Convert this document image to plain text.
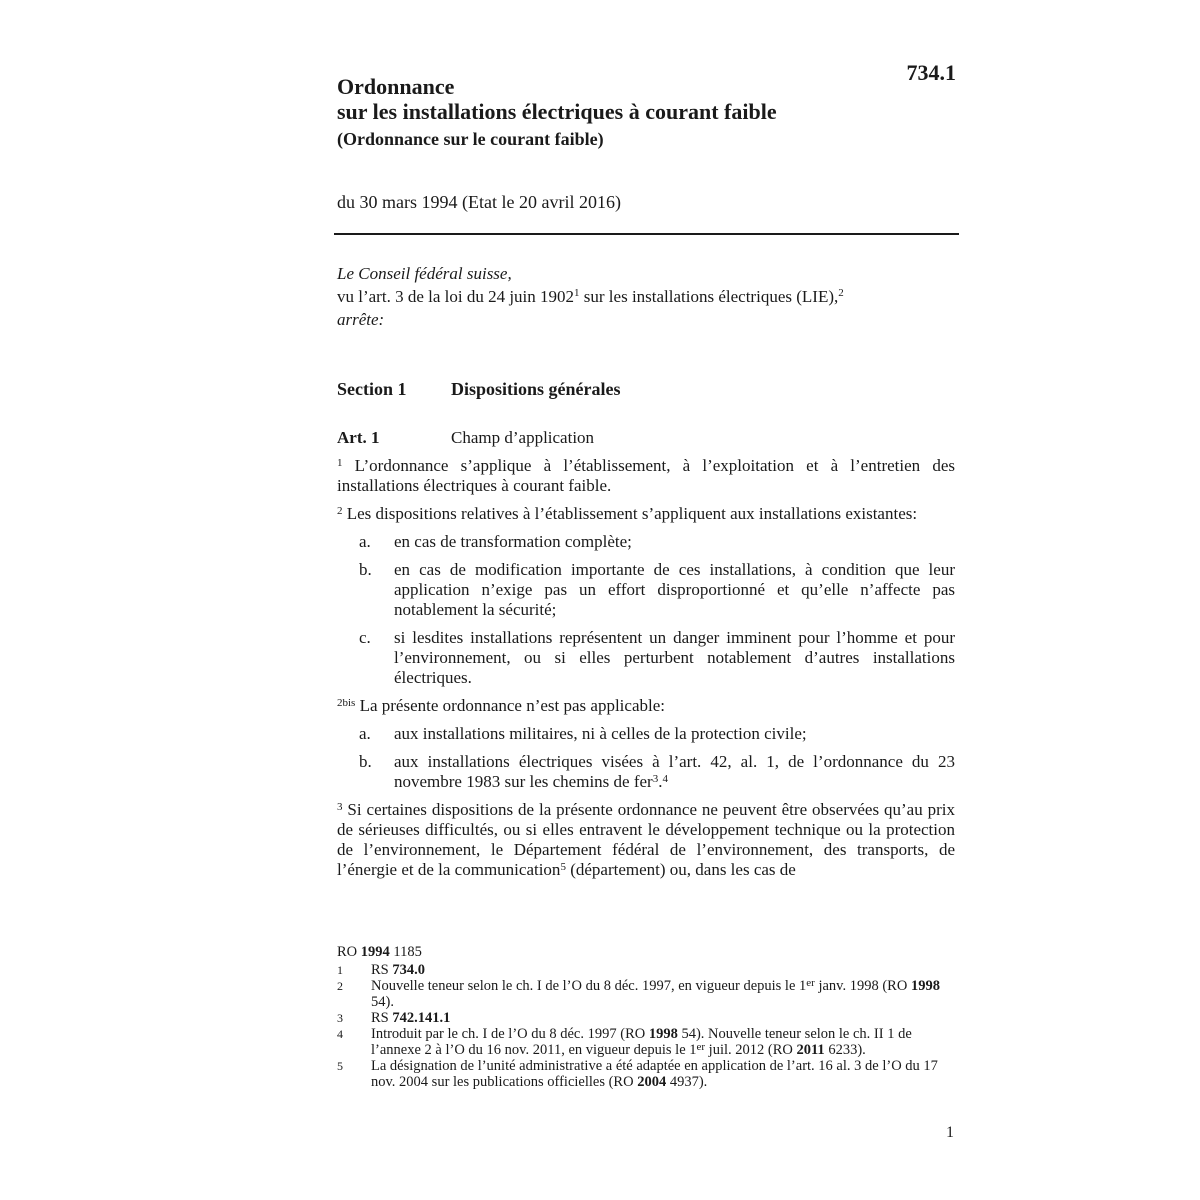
734.1
Ordonnance
sur les installations électriques à courant faible
(Ordonnance sur le courant faible)
du 30 mars 1994 (Etat le 20 avril 2016)
Le Conseil fédéral suisse,
vu l’art. 3 de la loi du 24 juin 1902$^1$ sur les installations électriques (LIE),$^2$
arrête:
Section 1 Dispositions générales
Art. 1	Champ d’application

$^1$ L’ordonnance s’applique à l’établissement, à l’exploitation et à l’entretien des installations électriques à courant faible.

$^2$ Les dispositions relatives à l’établissement s’appliquent aux installations existantes:

a.	en cas de transformation complète;
b.	en cas de modification importante de ces installations, à condition que leur application n’exige pas un effort disproportionné et qu’elle n’affecte pas notablement la sécurité;
c.	si lesdites installations représentent un danger imminent pour l’homme et pour l’environnement, ou si elles perturbent notablement d’autres installations électriques.

$^{2bis}$ La présente ordonnance n’est pas applicable:

a.	aux installations militaires, ni à celles de la protection civile;
b.	aux installations électriques visées à l’art. 42, al. 1, de l’ordonnance du 23 novembre 1983 sur les chemins de fer$^3$.$^4$

$^3$ Si certaines dispositions de la présente ordonnance ne peuvent être observées qu’au prix de sérieuses difficultés, ou si elles entravent le développement technique ou la protection de l’environnement, le Département fédéral de l’environnement, des transports, de l’énergie et de la communication$^5$ (département) ou, dans les cas de

RO 1994 1185
1	RS 734.0
2	Nouvelle teneur selon le ch. I de l’O du 8 déc. 1997, en vigueur depuis le 1er janv. 1998 (RO 1998 54).
3	RS 742.141.1
4	Introduit par le ch. I de l’O du 8 déc. 1997 (RO 1998 54). Nouvelle teneur selon le ch. II 1 de l’annexe 2 à l’O du 16 nov. 2011, en vigueur depuis le 1er juil. 2012 (RO 2011 6233).
5	La désignation de l’unité administrative a été adaptée en application de l’art. 16 al. 3 de l’O du 17 nov. 2004 sur les publications officielles (RO 2004 4937).
1
